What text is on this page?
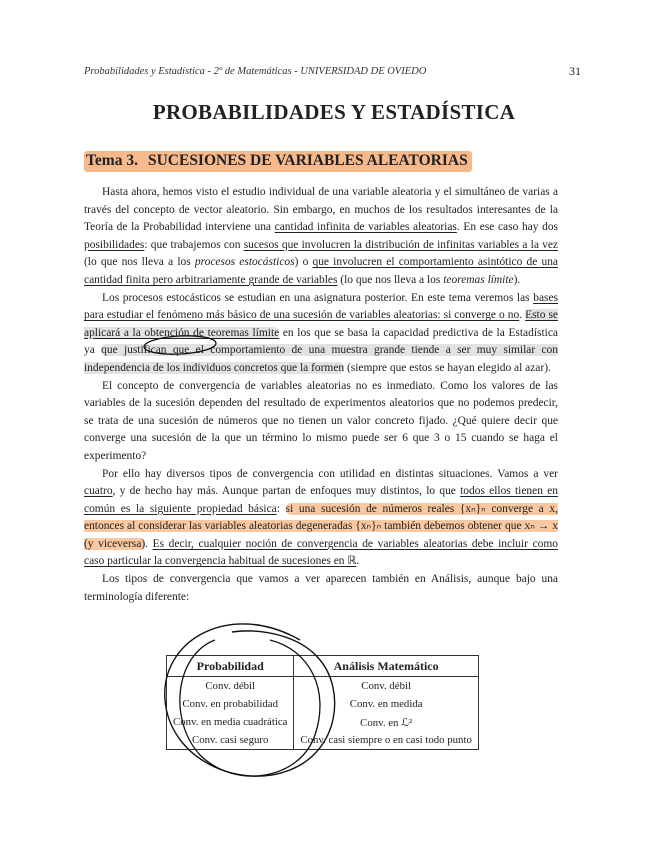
Probabilidades y Estadística - 2º de Matemáticas - UNIVERSIDAD DE OVIEDO	31
PROBABILIDADES Y ESTADÍSTICA
Tema 3. SUCESIONES DE VARIABLES ALEATORIAS

Hasta ahora, hemos visto el estudio individual de una variable aleatoria y el simultáneo de varias a través del concepto de vector aleatorio. Sin embargo, en muchos de los resultados interesantes de la Teoría de la Probabilidad interviene una cantidad infinita de variables aleatorias. En ese caso hay dos posibilidades: que trabajemos con sucesos que involucren la distribución de infinitas variables a la vez (lo que nos lleva a los procesos estocásticos) o que involucren el comportamiento asintótico de una cantidad finita pero arbitrariamente grande de variables (lo que nos lleva a los teoremas límite).

Los procesos estocásticos se estudian en una asignatura posterior. En este tema veremos las bases para estudiar el fenómeno más básico de una sucesión de variables aleatorias: si converge o no. Esto se aplicará a la obtención de teoremas límite en los que se basa la capacidad predictiva de la Estadística ya que justifican que el comportamiento de una muestra grande tiende a ser muy similar con independencia de los individuos concretos que la formen (siempre que estos se hayan elegido al azar).

El concepto de convergencia de variables aleatorias no es inmediato. Como los valores de las variables de la sucesión dependen del resultado de experimentos aleatorios que no podemos predecir, se trata de una sucesión de números que no tienen un valor concreto fijado. ¿Qué quiere decir que converge una sucesión de la que un término lo mismo puede ser 6 que 3 o 15 cuando se haga el experimento?

Por ello hay diversos tipos de convergencia con utilidad en distintas situaciones. Vamos a ver cuatro, y de hecho hay más. Aunque partan de enfoques muy distintos, lo que todos ellos tienen en común es la siguiente propiedad básica: si una sucesión de números reales {xₙ}ₙ converge a x, entonces al considerar las variables aleatorias degeneradas {xₙ}ₙ también debemos obtener que xₙ → x (y viceversa). Es decir, cualquier noción de convergencia de variables aleatorias debe incluir como caso particular la convergencia habitual de sucesiones en ℝ.

Los tipos de convergencia que vamos a ver aparecen también en Análisis, aunque bajo una terminología diferente:

Probabilidad	Análisis Matemático
Conv. débil	Conv. débil
Conv. en probabilidad	Conv. en medida
Conv. en media cuadrática	Conv. en ℒ²
Conv. casi seguro	Conv. casi siempre o en casi todo punto
